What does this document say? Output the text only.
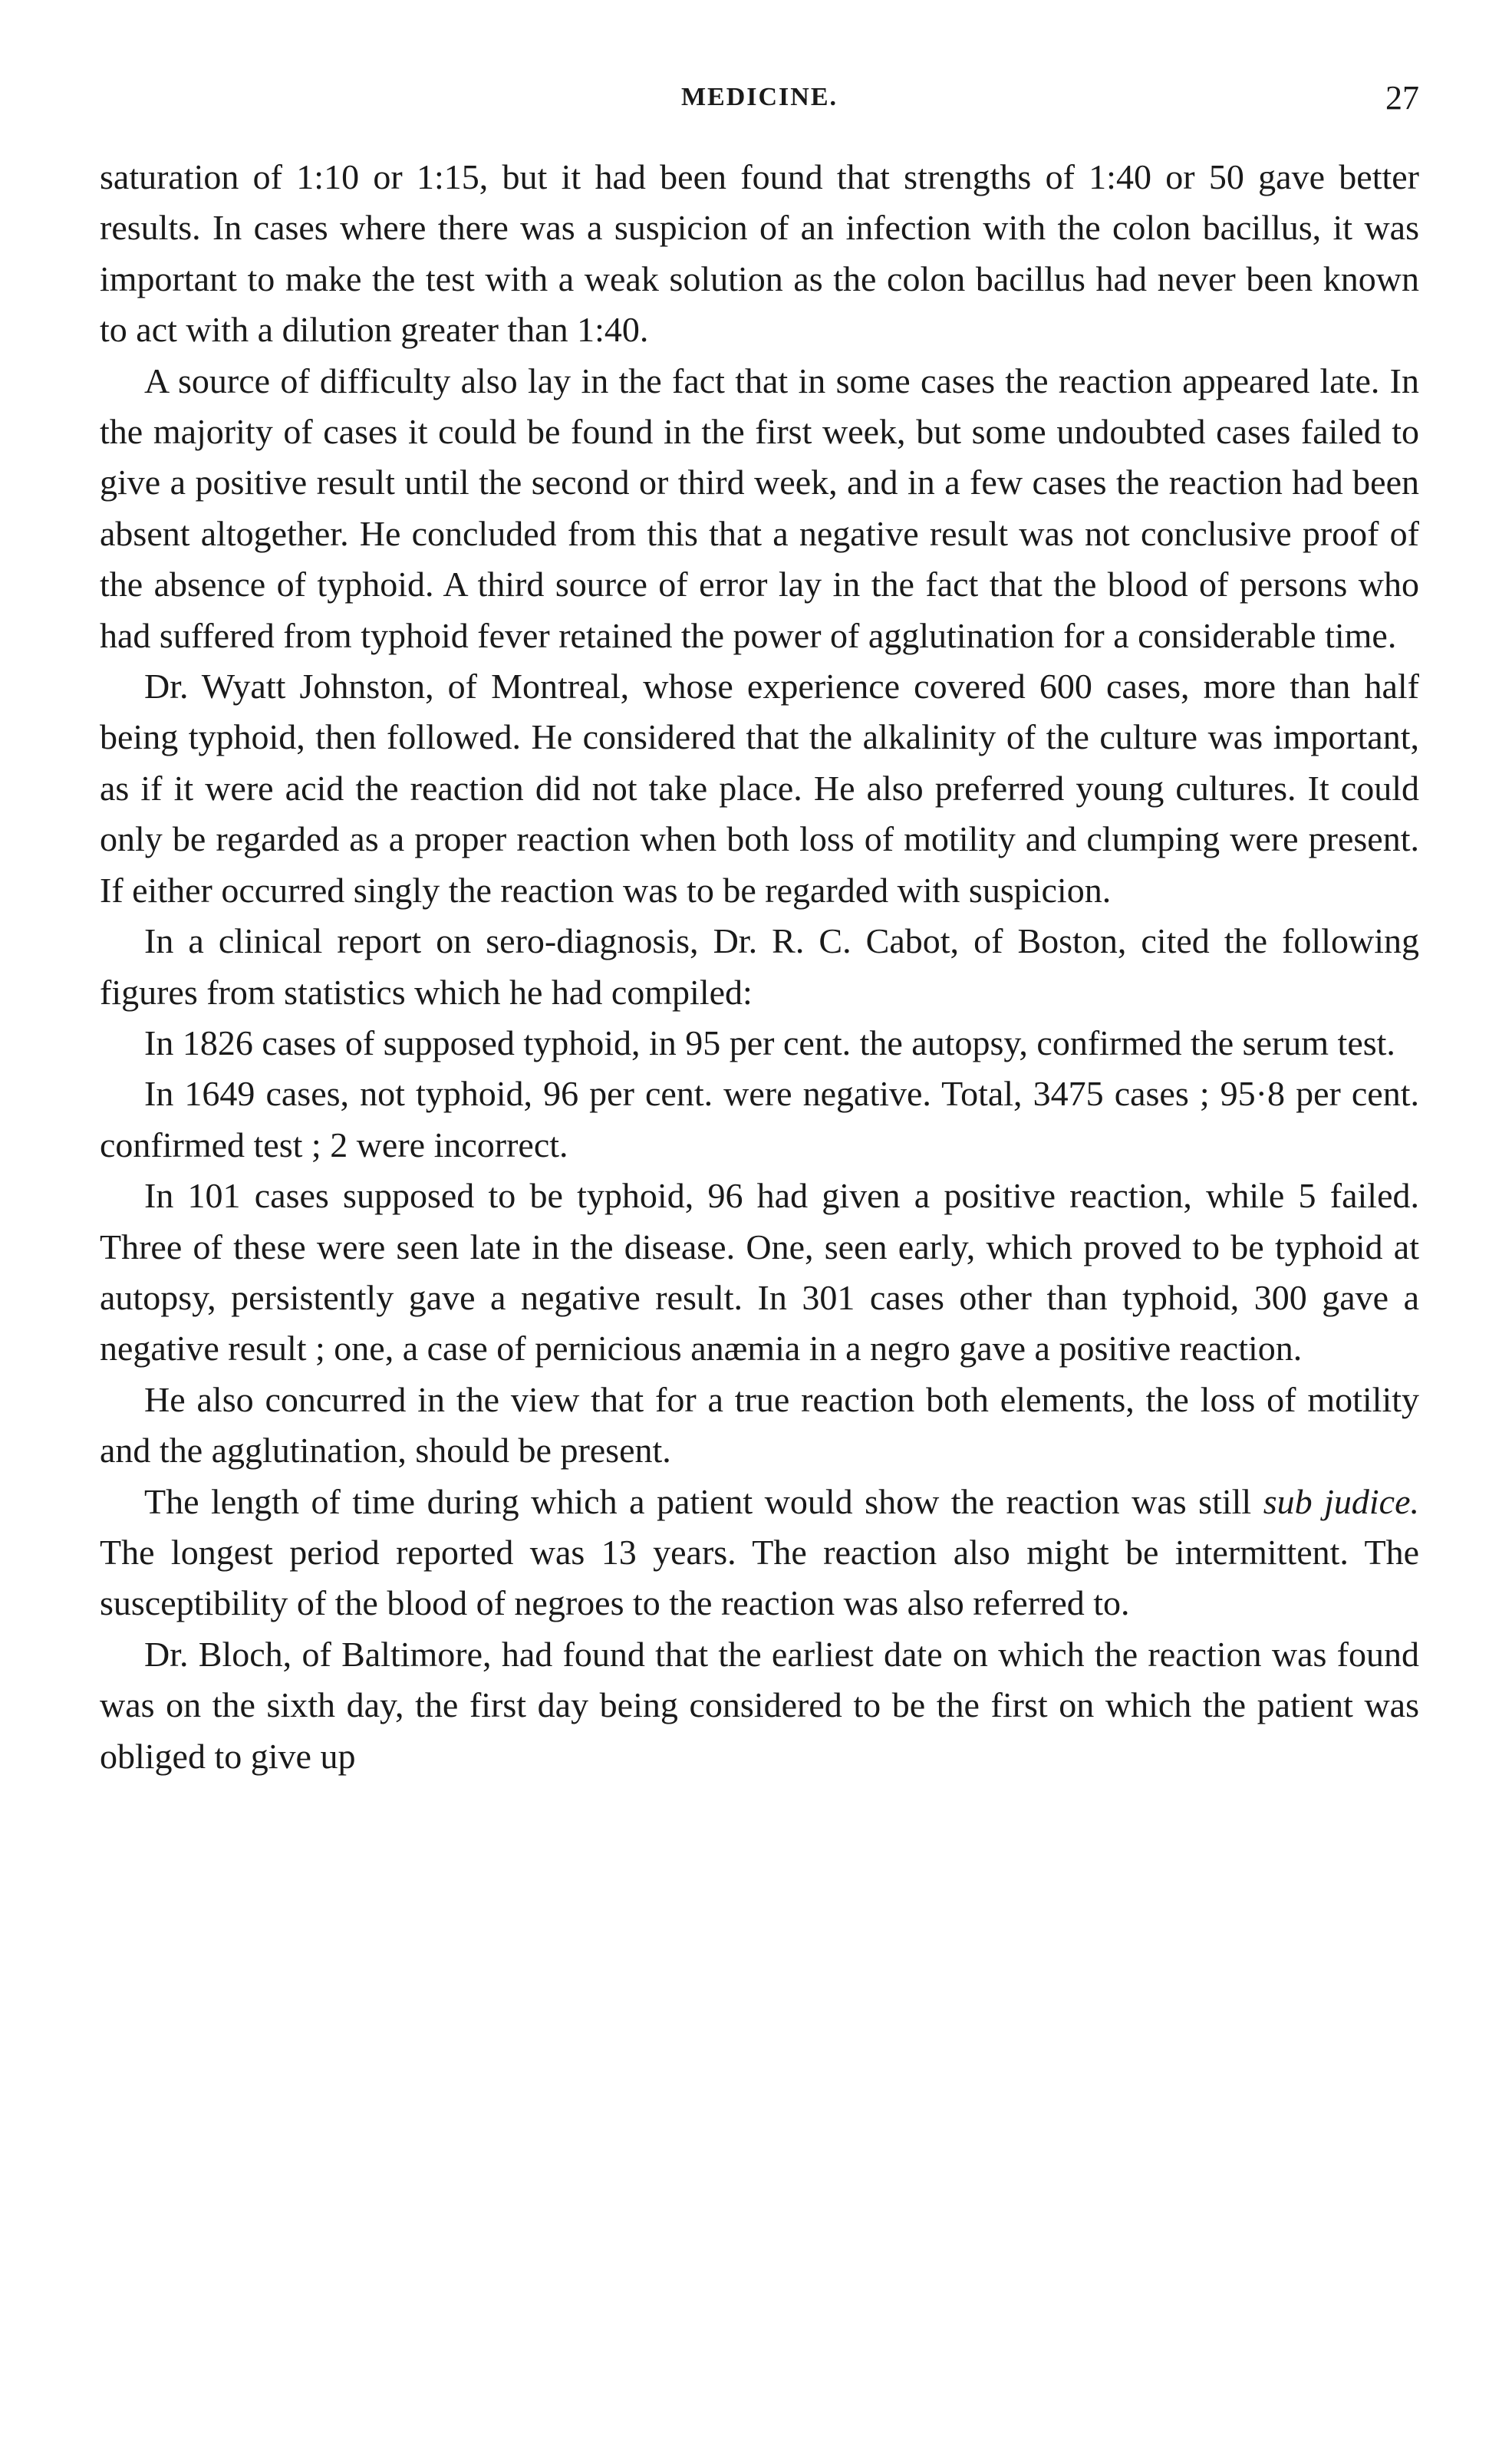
MEDICINE.	27

saturation of 1:10 or 1:15, but it had been found that strengths of 1:40 or 50 gave better results. In cases where there was a suspicion of an infection with the colon bacillus, it was important to make the test with a weak solution as the colon bacillus had never been known to act with a dilution greater than 1:40.

A source of difficulty also lay in the fact that in some cases the reaction appeared late. In the majority of cases it could be found in the first week, but some undoubted cases failed to give a positive result until the second or third week, and in a few cases the reaction had been absent altogether. He concluded from this that a negative result was not conclusive proof of the absence of typhoid. A third source of error lay in the fact that the blood of persons who had suffered from typhoid fever retained the power of agglutination for a considerable time.

Dr. Wyatt Johnston, of Montreal, whose experience covered 600 cases, more than half being typhoid, then followed. He considered that the alkalinity of the culture was important, as if it were acid the reaction did not take place. He also preferred young cultures. It could only be regarded as a proper reaction when both loss of motility and clumping were present. If either occurred singly the reaction was to be regarded with suspicion.

In a clinical report on sero-diagnosis, Dr. R. C. Cabot, of Boston, cited the following figures from statistics which he had compiled:

In 1826 cases of supposed typhoid, in 95 per cent. the autopsy, confirmed the serum test.

In 1649 cases, not typhoid, 96 per cent. were negative. Total, 3475 cases ; 95·8 per cent. confirmed test ; 2 were incorrect.

In 101 cases supposed to be typhoid, 96 had given a positive reaction, while 5 failed. Three of these were seen late in the disease. One, seen early, which proved to be typhoid at autopsy, persistently gave a negative result. In 301 cases other than typhoid, 300 gave a negative result ; one, a case of pernicious anæmia in a negro gave a positive reaction.

He also concurred in the view that for a true reaction both elements, the loss of motility and the agglutination, should be present.

The length of time during which a patient would show the reaction was still sub judice. The longest period reported was 13 years. The reaction also might be intermittent. The susceptibility of the blood of negroes to the reaction was also referred to.

Dr. Bloch, of Baltimore, had found that the earliest date on which the reaction was found was on the sixth day, the first day being considered to be the first on which the patient was obliged to give up
